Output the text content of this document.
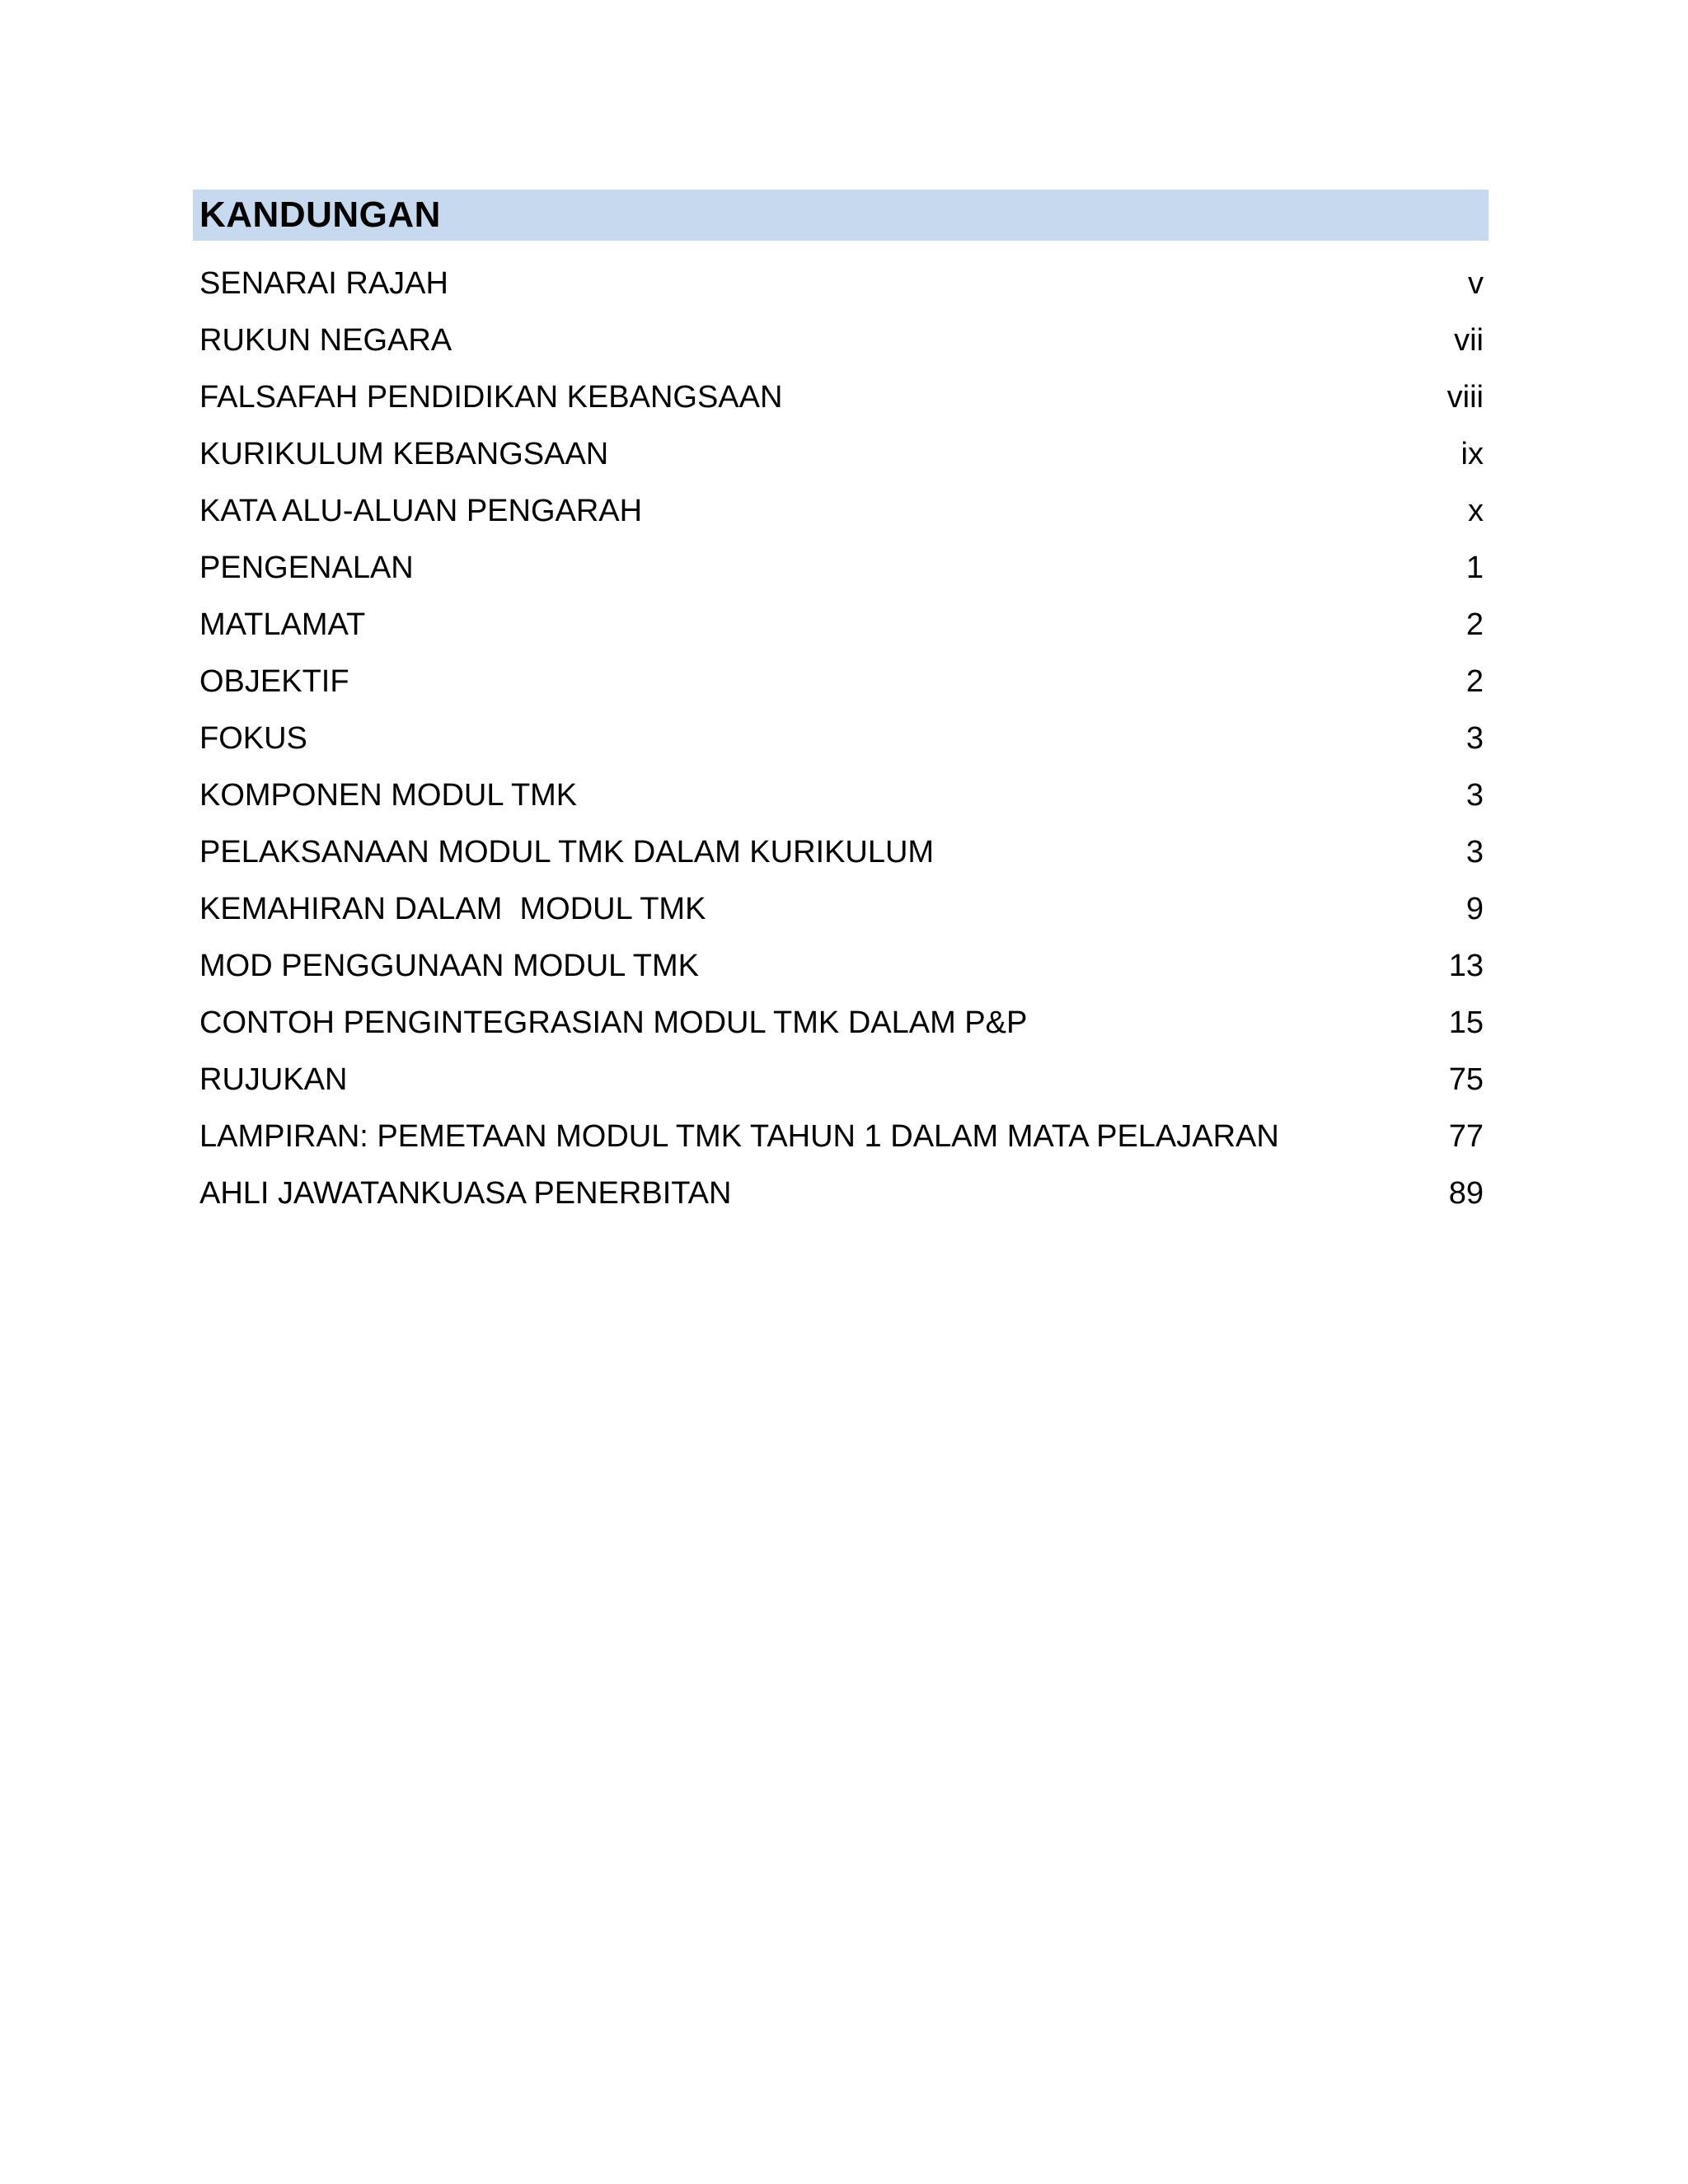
KANDUNGAN
SENARAI RAJAH	v
RUKUN NEGARA	vii
FALSAFAH PENDIDIKAN KEBANGSAAN	viii
KURIKULUM KEBANGSAAN	ix
KATA ALU-ALUAN PENGARAH	x
PENGENALAN	1
MATLAMAT	2
OBJEKTIF	2
FOKUS	3
KOMPONEN MODUL TMK	3
PELAKSANAAN MODUL TMK DALAM KURIKULUM	3
KEMAHIRAN DALAM  MODUL TMK	9
MOD PENGGUNAAN MODUL TMK	13
CONTOH PENGINTEGRASIAN MODUL TMK DALAM P&P	15
RUJUKAN	75
LAMPIRAN: PEMETAAN MODUL TMK TAHUN 1 DALAM MATA PELAJARAN	77
AHLI JAWATANKUASA PENERBITAN	89
